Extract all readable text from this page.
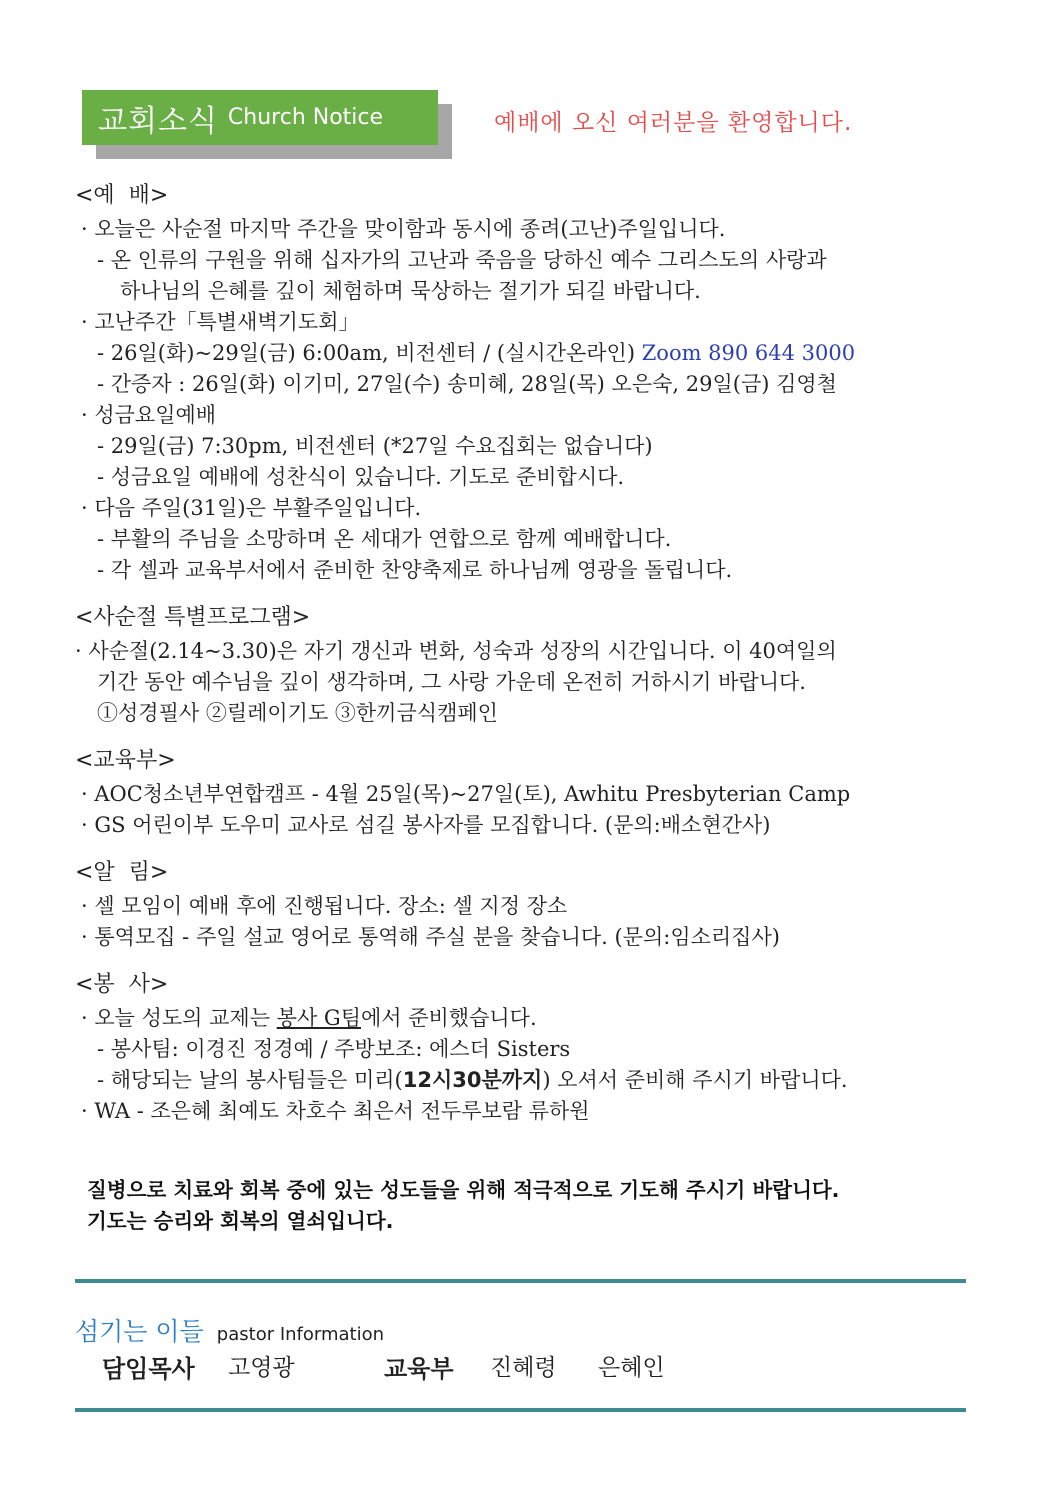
교회소식 Church Notice	예배에 오신 여러분을 환영합니다.
<예  배>
· 오늘은 사순절 마지막 주간을 맞이함과 동시에 종려(고난)주일입니다.
- 온 인류의 구원을 위해 십자가의 고난과 죽음을 당하신 예수 그리스도의 사랑과
하나님의 은혜를 깊이 체험하며 묵상하는 절기가 되길 바랍니다.
· 고난주간「특별새벽기도회」
- 26일(화)~29일(금) 6:00am, 비전센터 / (실시간온라인) Zoom 890 644 3000
- 간증자 : 26일(화) 이기미, 27일(수) 송미혜, 28일(목) 오은숙, 29일(금) 김영철
· 성금요일예배
- 29일(금) 7:30pm, 비전센터 (*27일 수요집회는 없습니다)
- 성금요일 예배에 성찬식이 있습니다. 기도로 준비합시다.
· 다음 주일(31일)은 부활주일입니다.
- 부활의 주님을 소망하며 온 세대가 연합으로 함께 예배합니다.
- 각 셀과 교육부서에서 준비한 찬양축제로 하나님께 영광을 돌립니다.
<사순절 특별프로그램>
· 사순절(2.14~3.30)은 자기 갱신과 변화, 성숙과 성장의 시간입니다. 이 40여일의
기간 동안 예수님을 깊이 생각하며, 그 사랑 가운데 온전히 거하시기 바랍니다.
①성경필사 ②릴레이기도 ③한끼금식캠페인
<교육부>
· AOC청소년부연합캠프 - 4월 25일(목)~27일(토), Awhitu Presbyterian Camp
· GS 어린이부 도우미 교사로 섬길 봉사자를 모집합니다. (문의:배소현간사)
<알  림>
· 셀 모임이 예배 후에 진행됩니다. 장소: 셀 지정 장소
· 통역모집 - 주일 설교 영어로 통역해 주실 분을 찾습니다. (문의:임소리집사)
<봉  사>
· 오늘 성도의 교제는 봉사 G팀에서 준비했습니다.
- 봉사팀: 이경진 정경예 / 주방보조: 에스더 Sisters
- 해당되는 날의 봉사팀들은 미리(12시30분까지) 오셔서 준비해 주시기 바랍니다.
· WA - 조은혜 최예도 차호수 최은서 전두루보람 류하원
질병으로 치료와 회복 중에 있는 성도들을 위해 적극적으로 기도해 주시기 바랍니다.
기도는 승리와 회복의 열쇠입니다.
섬기는 이들 pastor Information
담임목사 고영광	교육부 진혜령 은혜인
